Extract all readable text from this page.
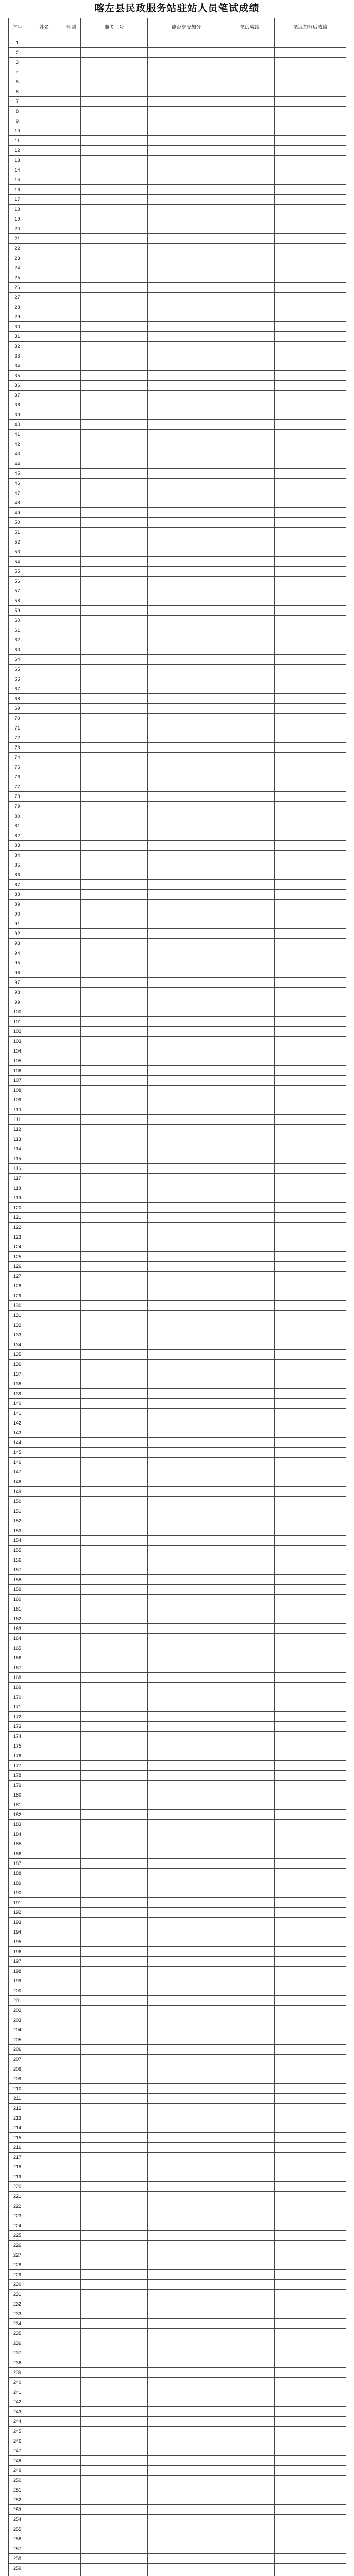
喀左县民政服务站驻站人员笔试成绩
序号	姓名	性别	准考证号	能否享受加分	笔试成绩	笔试加分后成绩
1						
2						
3						
4						
5						
6						
7						
8						
9						
10						
11						
12						
13						
14						
15						
16						
17						
18						
19						
20						
21						
22						
23						
24						
25						
26						
27						
28						
29						
30						
31						
32						
33						
34						
35						
36						
37						
38						
39						
40						
41						
42						
43						
44						
45						
46						
47						
48						
49						
50						
51						
52						
53						
54						
55						
56						
57						
58						
59						
60						
61						
62						
63						
64						
65						
66						
67						
68						
69						
70						
71						
72						
73						
74						
75						
76						
77						
78						
79						
80						
81						
82						
83						
84						
85						
86						
87						
88						
89						
90						
91						
92						
93						
94						
95						
96						
97						
98						
99						
100						
101						
102						
103						
104						
105						
106						
107						
108						
109						
110						
111						
112						
113						
114						
115						
116						
117						
118						
119						
120						
121						
122						
123						
124						
125						
126						
127						
128						
129						
130						
131						
132						
133						
134						
135						
136						
137						
138						
139						
140						
141						
142						
143						
144						
145						
146						
147						
148						
149						
150						
151						
152						
153						
154						
155						
156						
157						
158						
159						
160						
161						
162						
163						
164						
165						
166						
167						
168						
169						
170						
171						
172						
173						
174						
175						
176						
177						
178						
179						
180						
181						
182						
183						
184						
185						
186						
187						
188						
189						
190						
191						
192						
193						
194						
195						
196						
197						
198						
199						
200						
201						
202						
203						
204						
205						
206						
207						
208						
209						
210						
211						
212						
213						
214						
215						
216						
217						
218						
219						
220						
221						
222						
223						
224						
225						
226						
227						
228						
229						
230						
231						
232						
233						
234						
235						
236						
237						
238						
239						
240						
241						
242						
243						
244						
245						
246						
247						
248						
249						
250						
251						
252						
253						
254						
255						
256						
257						
258						
259						
